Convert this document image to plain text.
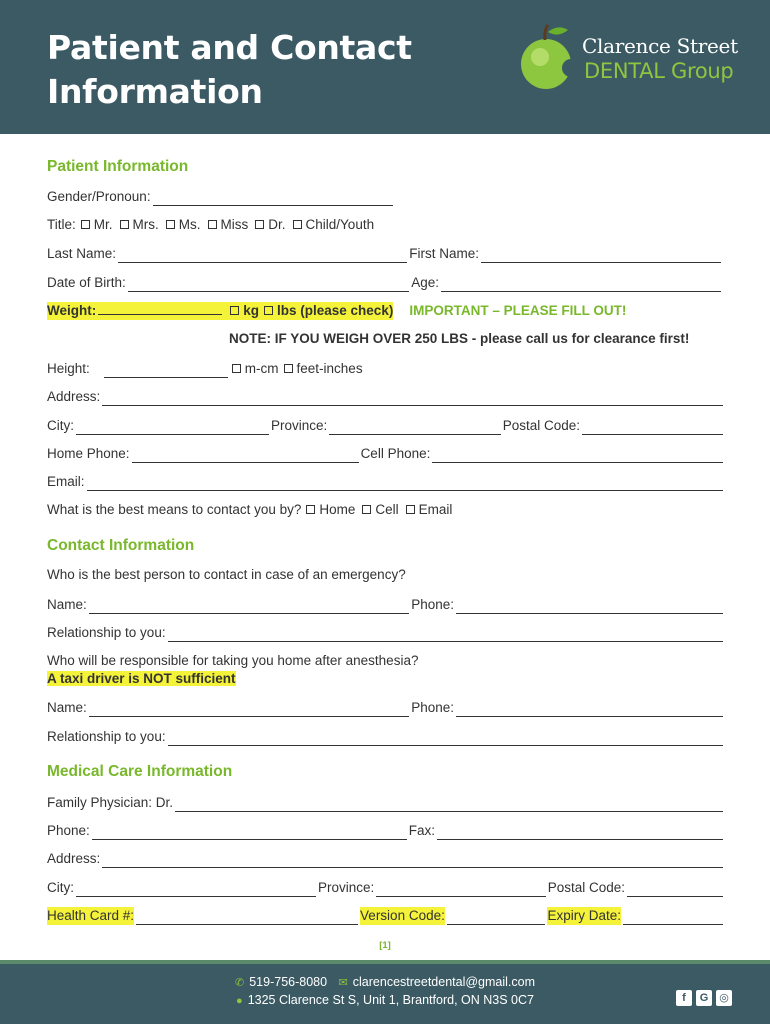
Patient and Contact
Information
Clarence Street
DENTAL Group
Patient Information
Gender/Pronoun:
Title:	Mr.	Mrs.	Ms.	Miss	Dr.	Child/Youth
Last Name:	First Name:
Date of Birth:	Age:
Weight:	kg lbs (please check) IMPORTANT – PLEASE FILL OUT!
NOTE: IF YOU WEIGH OVER 250 LBS - please call us for clearance first!
Height:	m-cm	feet-inches
Address:
City:	Province:	Postal Code:
Home Phone:	Cell Phone:
Email:
What is the best means to contact you by?	Home	Cell	Email
Contact Information
Who is the best person to contact in case of an emergency?
Name:	Phone:
Relationship to you:
Who will be responsible for taking you home after anesthesia?
A taxi driver is NOT sufficient
Name:	Phone:
Relationship to you:
Medical Care Information
Family Physician: Dr.
Phone:	Fax:
Address:
City:	Province:	Postal Code:
Health Card #:	Version Code:	Expiry Date:
[1]
✆ 519-756-8080 ✉ clarencestreetdental@gmail.com
● 1325 Clarence St S, Unit 1, Brantford, ON N3S 0C7	f	G ◎
